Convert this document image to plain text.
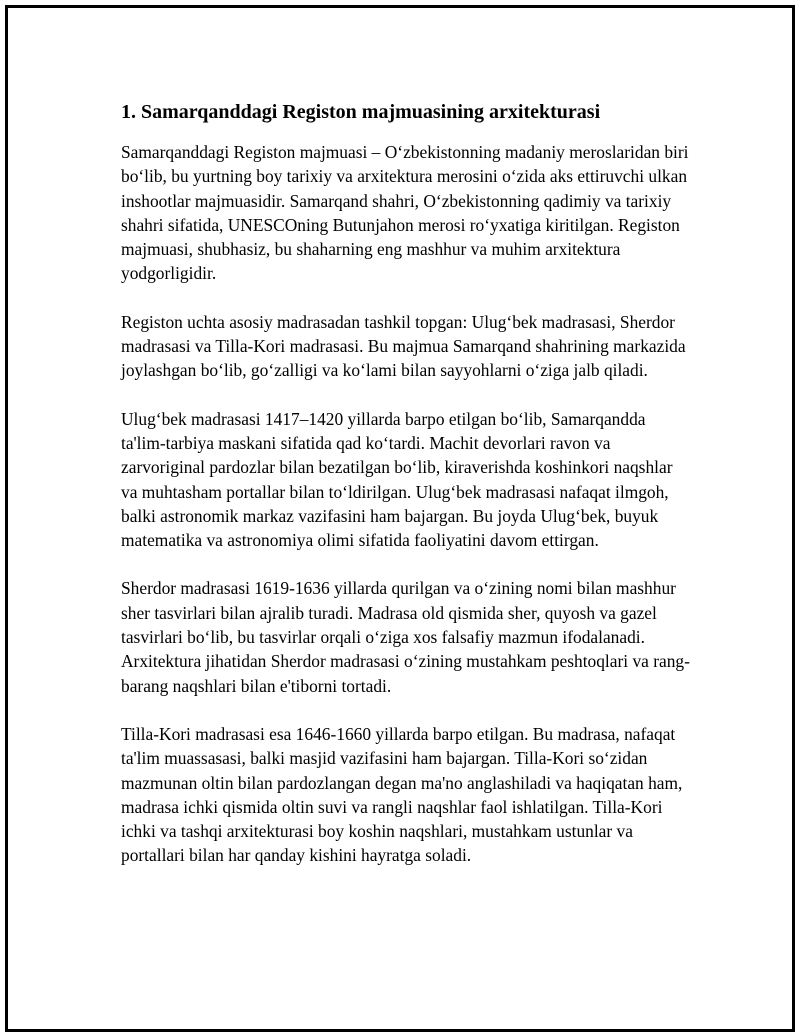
1. Samarqanddagi Registon majmuasining arxitekturasi

Samarqanddagi Registon majmuasi – O‘zbekistonning madaniy meroslaridan biri bo‘lib, bu yurtning boy tarixiy va arxitektura merosini o‘zida aks ettiruvchi ulkan inshootlar majmuasidir. Samarqand shahri, O‘zbekistonning qadimiy va tarixiy shahri sifatida, UNESCOning Butunjahon merosi ro‘yxatiga kiritilgan. Registon majmuasi, shubhasiz, bu shaharning eng mashhur va muhim arxitektura yodgorligidir.

Registon uchta asosiy madrasadan tashkil topgan: Ulug‘bek madrasasi, Sherdor madrasasi va Tilla-Kori madrasasi. Bu majmua Samarqand shahrining markazida joylashgan bo‘lib, go‘zalligi va ko‘lami bilan sayyohlarni o‘ziga jalb qiladi.

Ulug‘bek madrasasi 1417–1420 yillarda barpo etilgan bo‘lib, Samarqandda ta'lim-tarbiya maskani sifatida qad ko‘tardi. Machit devorlari ravon va zarvoriginal pardozlar bilan bezatilgan bo‘lib, kiraverishda koshinkori naqshlar va muhtasham portallar bilan to‘ldirilgan. Ulug‘bek madrasasi nafaqat ilmgoh, balki astronomik markaz vazifasini ham bajargan. Bu joyda Ulug‘bek, buyuk matematika va astronomiya olimi sifatida faoliyatini davom ettirgan.

Sherdor madrasasi 1619-1636 yillarda qurilgan va o‘zining nomi bilan mashhur sher tasvirlari bilan ajralib turadi. Madrasa old qismida sher, quyosh va gazel tasvirlari bo‘lib, bu tasvirlar orqali o‘ziga xos falsafiy mazmun ifodalanadi. Arxitektura jihatidan Sherdor madrasasi o‘zining mustahkam peshtoqlari va rang-barang naqshlari bilan e'tiborni tortadi.

Tilla-Kori madrasasi esa 1646-1660 yillarda barpo etilgan. Bu madrasa, nafaqat ta'lim muassasasi, balki masjid vazifasini ham bajargan. Tilla-Kori so‘zidan mazmunan oltin bilan pardozlangan degan ma'no anglashiladi va haqiqatan ham, madrasa ichki qismida oltin suvi va rangli naqshlar faol ishlatilgan. Tilla-Kori ichki va tashqi arxitekturasi boy koshin naqshlari, mustahkam ustunlar va portallari bilan har qanday kishini hayratga soladi.
